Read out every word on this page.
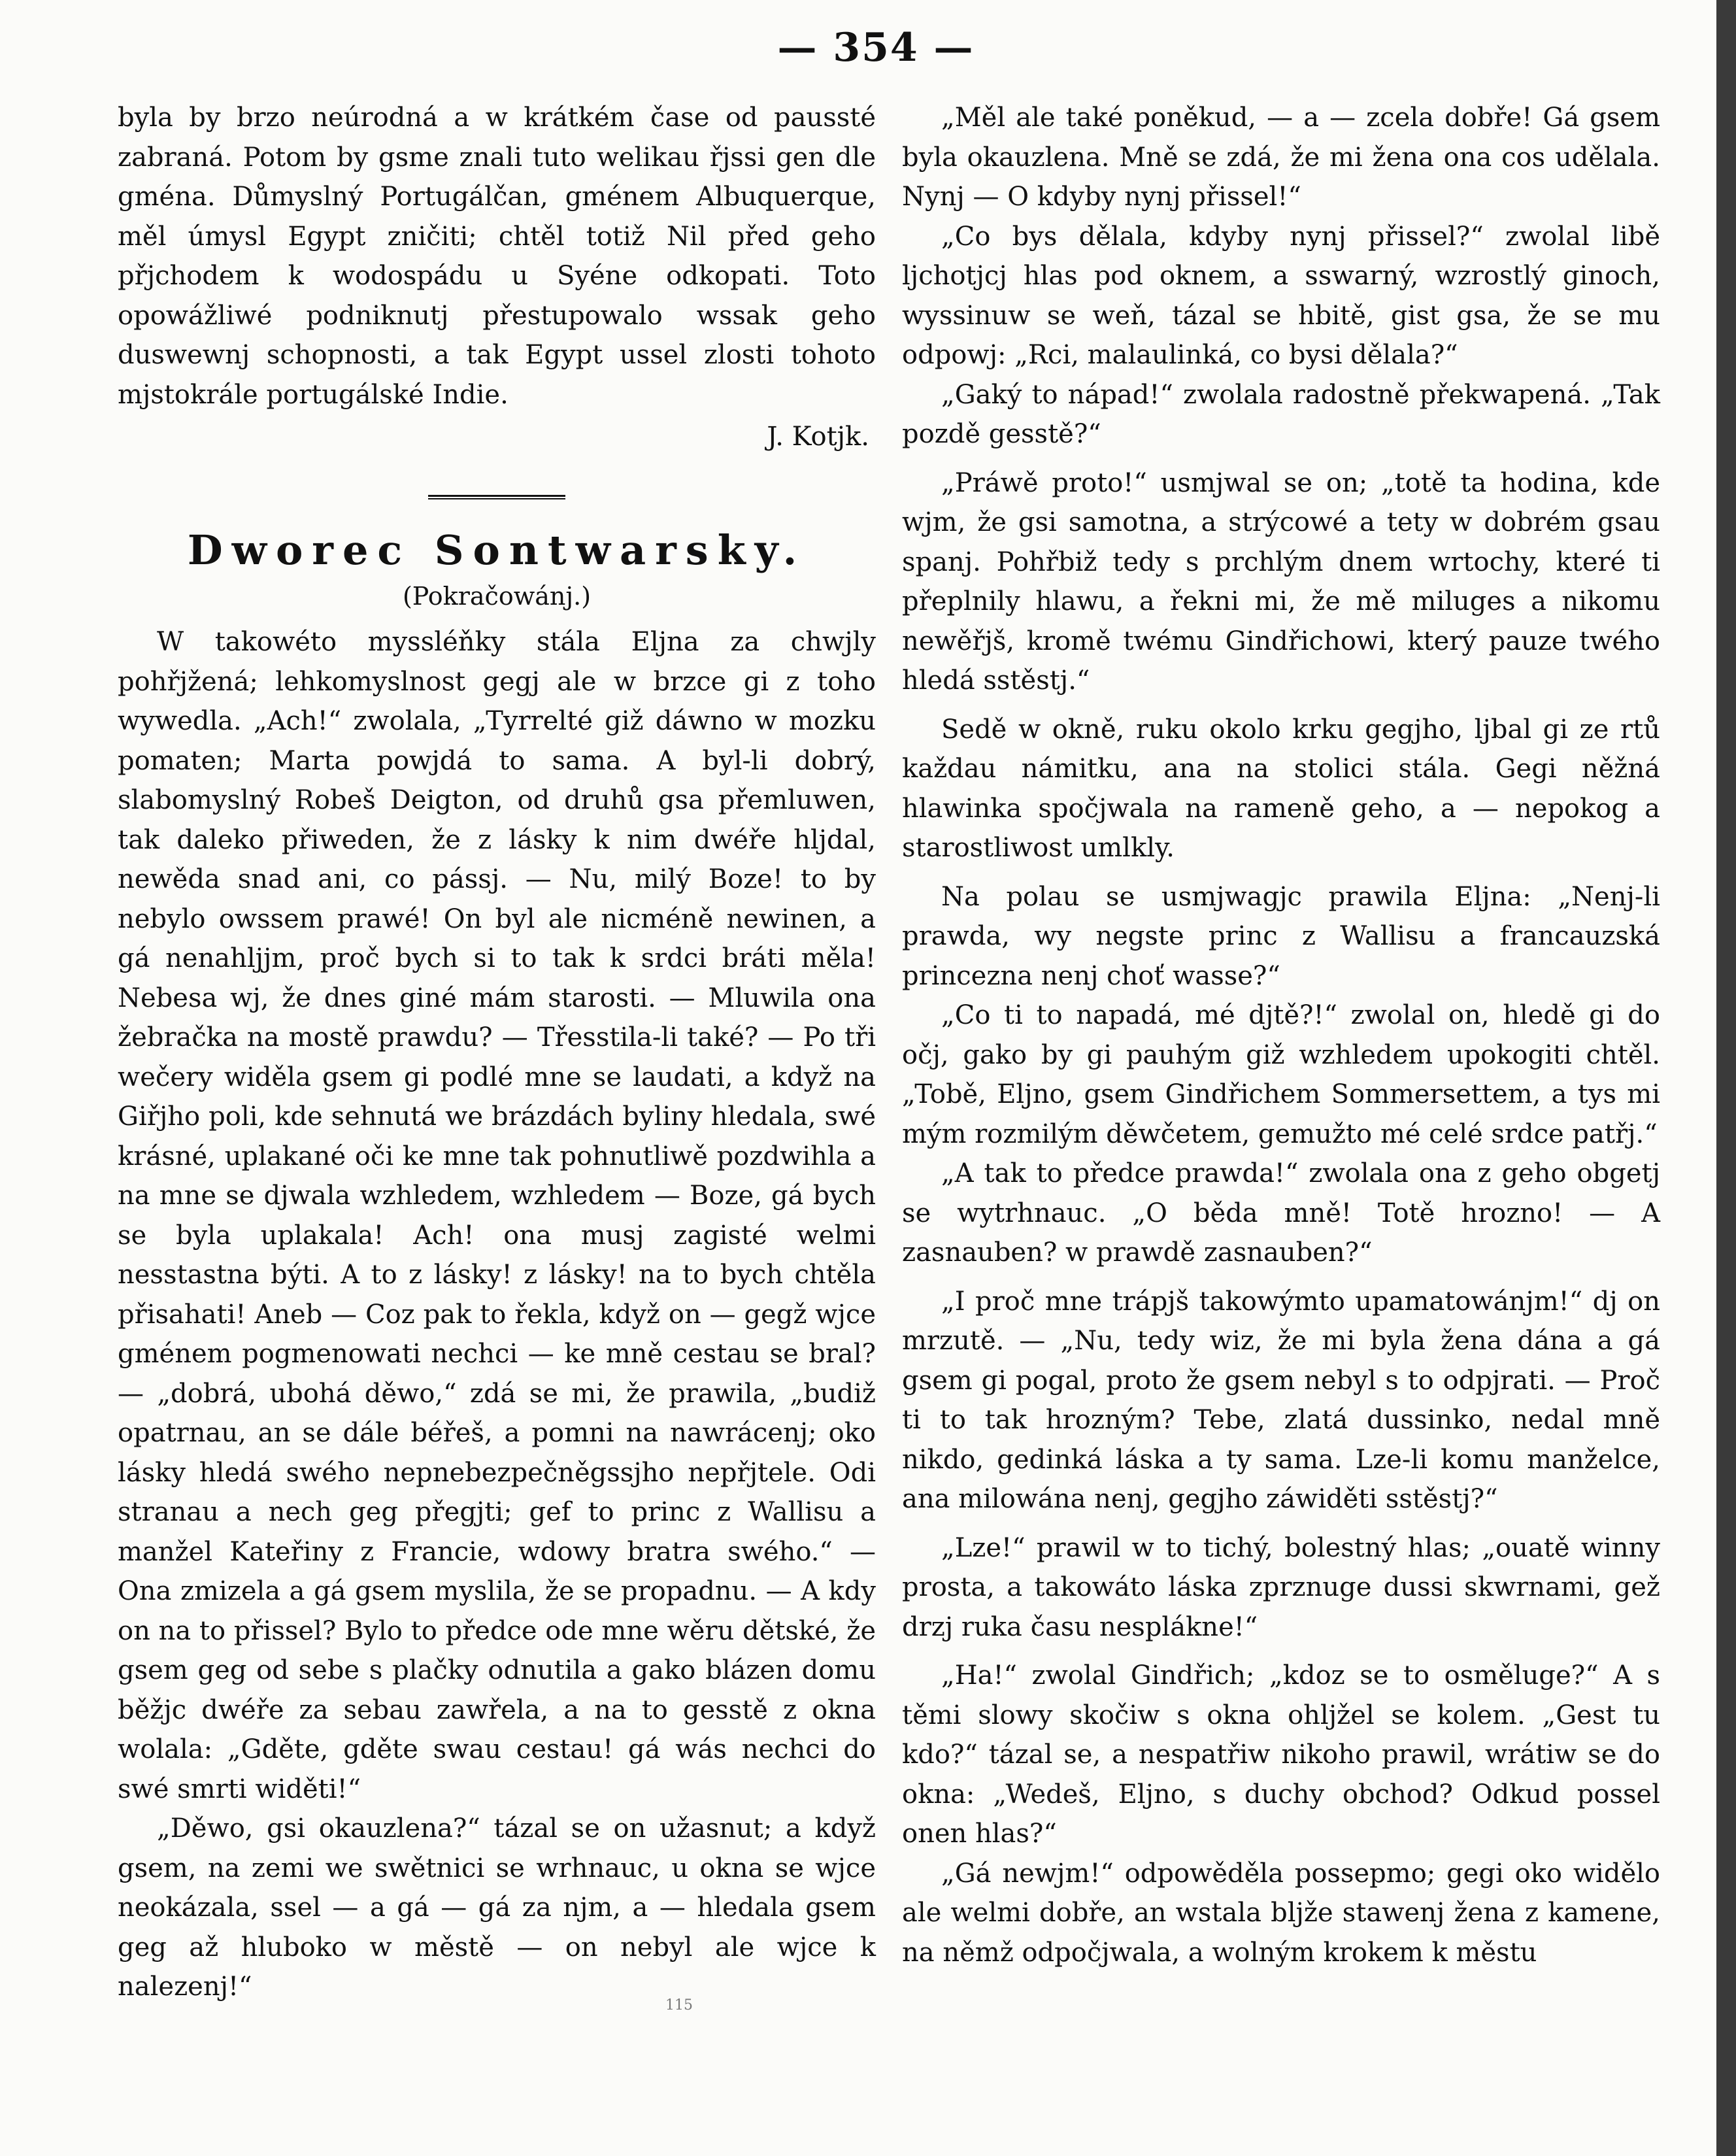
— 354 —

byla by brzo neúrodná a w krátkém čase od paussté zabraná. Potom by gsme znali tuto welikau řjssi gen dle gména. Důmyslný Portugálčan, gménem Albuquerque, měl úmysl Egypt zničiti; chtěl totiž Nil před geho přjchodem k wodospádu u Syéne odkopati. Toto opowážliwé podniknutj přestupowalo wssak geho duswewnj schopnosti, a tak Egypt ussel zlosti tohoto mjstokrále portugálské Indie.

J. Kotjk.

Dworec Sontwarsky.

(Pokračowánj.)

W takowéto myssléňky stála Eljna za chwjly pohřjžená; lehkomyslnost gegj ale w brzce gi z toho wywedla. „Ach!“ zwolala, „Tyrrelté giž dáwno w mozku pomaten; Marta powjdá to sama. A byl-li dobrý, slabomyslný Robeš Deigton, od druhů gsa přemluwen, tak daleko přiweden, že z lásky k nim dwéře hljdal, newěda snad ani, co pássj. — Nu, milý Boze! to by nebylo owssem prawé! On byl ale nicméně newinen, a gá nenahljjm, proč bych si to tak k srdci bráti měla! Nebesa wj, že dnes giné mám starosti. — Mluwila ona žebračka na mostě prawdu? — Třesstila-li také? — Po tři wečery widěla gsem gi podlé mne se laudati, a když na Giřjho poli, kde sehnutá we brázdách byliny hledala, swé krásné, uplakané oči ke mne tak pohnutliwě pozdwihla a na mne se djwala wzhledem, wzhledem — Boze, gá bych se byla uplakala! Ach! ona musj zagisté welmi nesstastna býti. A to z lásky! z lásky! na to bych chtěla přisahati! Aneb — Coz pak to řekla, když on — gegž wjce gménem pogmenowati nechci — ke mně cestau se bral? — „dobrá, ubohá děwo,“ zdá se mi, že prawila, „budiž opatrnau, an se dále béřeš, a pomni na nawrácenj; oko lásky hledá swého nepnebezpečněgssjho nepřjtele. Odi stranau a nech geg přegjti; gef to princ z Wallisu a manžel Kateřiny z Francie, wdowy bratra swého.“ — Ona zmizela a gá gsem myslila, že se propadnu. — A kdy on na to přissel? Bylo to předce ode mne wěru dětské, že gsem geg od sebe s plačky odnutila a gako blázen domu běžjc dwéře za sebau zawřela, a na to gesstě z okna wolala: „Gděte, gděte swau cestau! gá wás nechci do swé smrti widěti!“

„Děwo, gsi okauzlena?“ tázal se on užasnut; a když gsem, na zemi we swětnici se wrhnauc, u okna se wjce neokázala, ssel — a gá — gá za njm, a — hledala gsem geg až hluboko w městě — on nebyl ale wjce k nalezenj!“

„Měl ale také poněkud, — a — zcela dobře! Gá gsem byla okauzlena. Mně se zdá, že mi žena ona cos udělala. Nynj — O kdyby nynj přissel!“

„Co bys dělala, kdyby nynj přissel?“ zwolal libě ljchotjcj hlas pod oknem, a sswarný, wzrostlý ginoch, wyssinuw se weň, tázal se hbitě, gist gsa, že se mu odpowj: „Rci, malaulinká, co bysi dělala?“

„Gaký to nápad!“ zwolala radostně překwapená. „Tak pozdě gesstě?“

„Práwě proto!“ usmjwal se on; „totě ta hodina, kde wjm, že gsi samotna, a strýcowé a tety w dobrém gsau spanj. Pohřbiž tedy s prchlým dnem wrtochy, které ti přeplnily hlawu, a řekni mi, že mě miluges a nikomu newěřjš, kromě twému Gindřichowi, který pauze twého hledá sstěstj.“

Sedě w okně, ruku okolo krku gegjho, ljbal gi ze rtů každau námitku, ana na stolici stála. Gegi něžná hlawinka spočjwala na rameně geho, a — nepokog a starostliwost umlkly.

Na polau se usmjwagjc prawila Eljna: „Nenj-li prawda, wy negste princ z Wallisu a francauzská princezna nenj choť wasse?“

„Co ti to napadá, mé djtě?!“ zwolal on, hledě gi do očj, gako by gi pauhým giž wzhledem upokogiti chtěl. „Tobě, Eljno, gsem Gindřichem Sommersettem, a tys mi mým rozmilým děwčetem, gemužto mé celé srdce patřj.“

„A tak to předce prawda!“ zwolala ona z geho obgetj se wytrhnauc. „O běda mně! Totě hrozno! — A zasnauben? w prawdě zasnauben?“

„I proč mne trápjš takowýmto upamatowánjm!“ dj on mrzutě. — „Nu, tedy wiz, že mi byla žena dána a gá gsem gi pogal, proto že gsem nebyl s to odpjrati. — Proč ti to tak hrozným? Tebe, zlatá dussinko, nedal mně nikdo, gedinká láska a ty sama. Lze-li komu manželce, ana milowána nenj, gegjho záwiděti sstěstj?“

„Lze!“ prawil w to tichý, bolestný hlas; „ouatě winny prosta, a takowáto láska zprznuge dussi skwrnami, gež drzj ruka času nesplákne!“

„Ha!“ zwolal Gindřich; „kdoz se to osměluge?“ A s těmi slowy skočiw s okna ohljžel se kolem. „Gest tu kdo?“ tázal se, a nespatřiw nikoho prawil, wrátiw se do okna: „Wedeš, Eljno, s duchy obchod? Odkud possel onen hlas?“

„Gá newjm!“ odpowěděla possepmo; gegi oko widělo ale welmi dobře, an wstala bljže stawenj žena z kamene, na němž odpočjwala, a wolným krokem k městu

115
